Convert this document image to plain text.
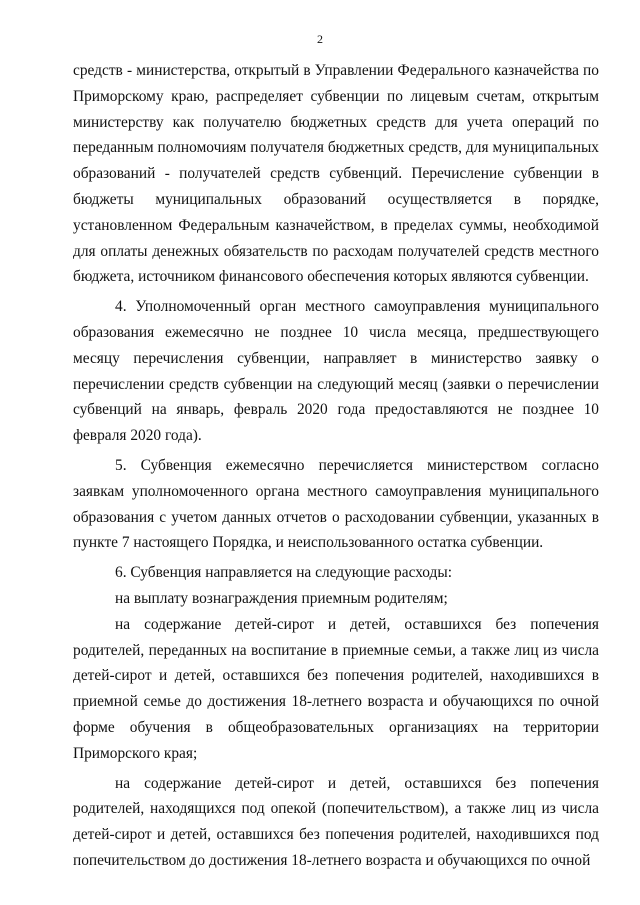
2

средств - министерства, открытый в Управлении Федерального казначейства по Приморскому краю, распределяет субвенции по лицевым счетам, открытым министерству как получателю бюджетных средств для учета операций по переданным полномочиям получателя бюджетных средств, для муниципальных образований - получателей средств субвенций. Перечисление субвенции в бюджеты муниципальных образований осуществляется в порядке, установленном Федеральным казначейством, в пределах суммы, необходимой для оплаты денежных обязательств по расходам получателей средств местного бюджета, источником финансового обеспечения которых являются субвенции.

4. Уполномоченный орган местного самоуправления муниципального образования ежемесячно не позднее 10 числа месяца, предшествующего месяцу перечисления субвенции, направляет в министерство заявку о перечислении средств субвенции на следующий месяц (заявки о перечислении субвенций на январь, февраль 2020 года предоставляются не позднее 10 февраля 2020 года).

5. Субвенция ежемесячно перечисляется министерством согласно заявкам уполномоченного органа местного самоуправления муниципального образования с учетом данных отчетов о расходовании субвенции, указанных в пункте 7 настоящего Порядка, и неиспользованного остатка субвенции.

6. Субвенция направляется на следующие расходы:

на выплату вознаграждения приемным родителям;

на содержание детей-сирот и детей, оставшихся без попечения родителей, переданных на воспитание в приемные семьи, а также лиц из числа детей-сирот и детей, оставшихся без попечения родителей, находившихся в приемной семье до достижения 18-летнего возраста и обучающихся по очной форме обучения в общеобразовательных организациях на территории Приморского края;

на содержание детей-сирот и детей, оставшихся без попечения родителей, находящихся под опекой (попечительством), а также лиц из числа детей-сирот и детей, оставшихся без попечения родителей, находившихся под попечительством до достижения 18-летнего возраста и обучающихся по очной
